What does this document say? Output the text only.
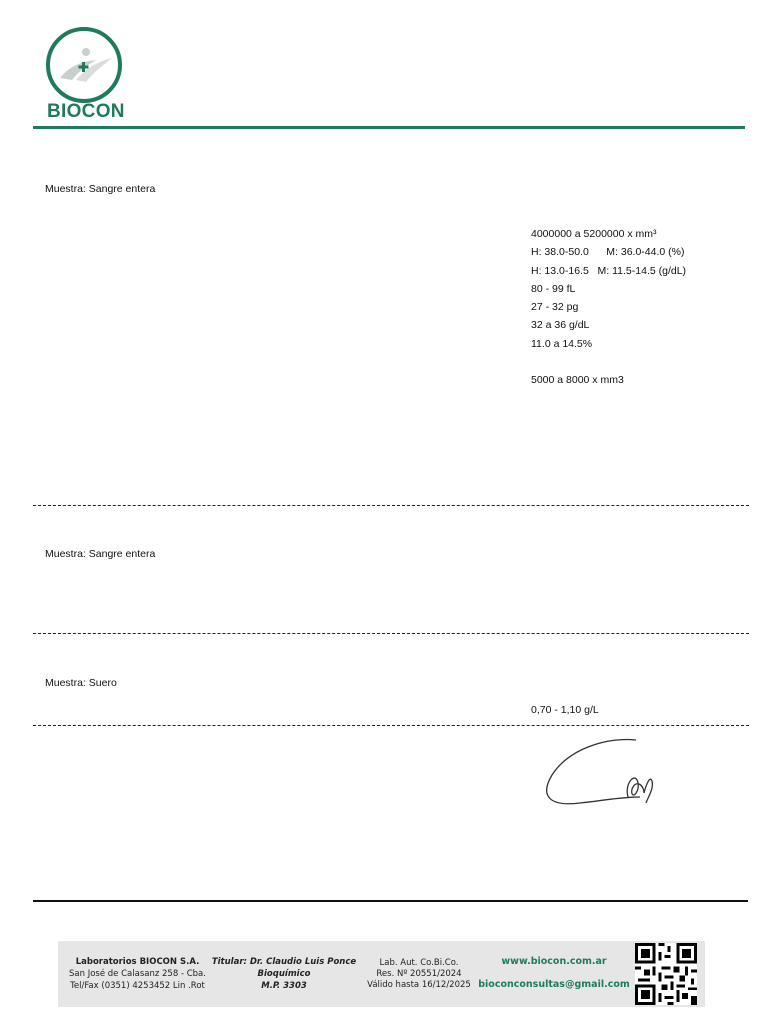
BIOCON
Muestra: Sangre entera
4000000 a 5200000 x mm³
H: 38.0-50.0      M: 36.0-44.0 (%)
H: 13.0-16.5   M: 11.5-14.5 (g/dL)
80 - 99 fL
27 - 32 pg
32 a 36 g/dL
11.0 a 14.5%
5000 a 8000 x mm3
Muestra: Sangre entera
Muestra: Suero
0,70 - 1,10 g/L
Laboratorios BIOCON S.A.
San José de Calasanz 258 - Cba.
Tel/Fax (0351) 4253452 Lin .Rot
Titular: Dr. Claudio Luis Ponce
Bioquímico
M.P. 3303
Lab. Aut. Co.Bi.Co.
Res. Nº 20551/2024
Válido hasta 16/12/2025
www.biocon.com.ar
bioconconsultas@gmail.com
